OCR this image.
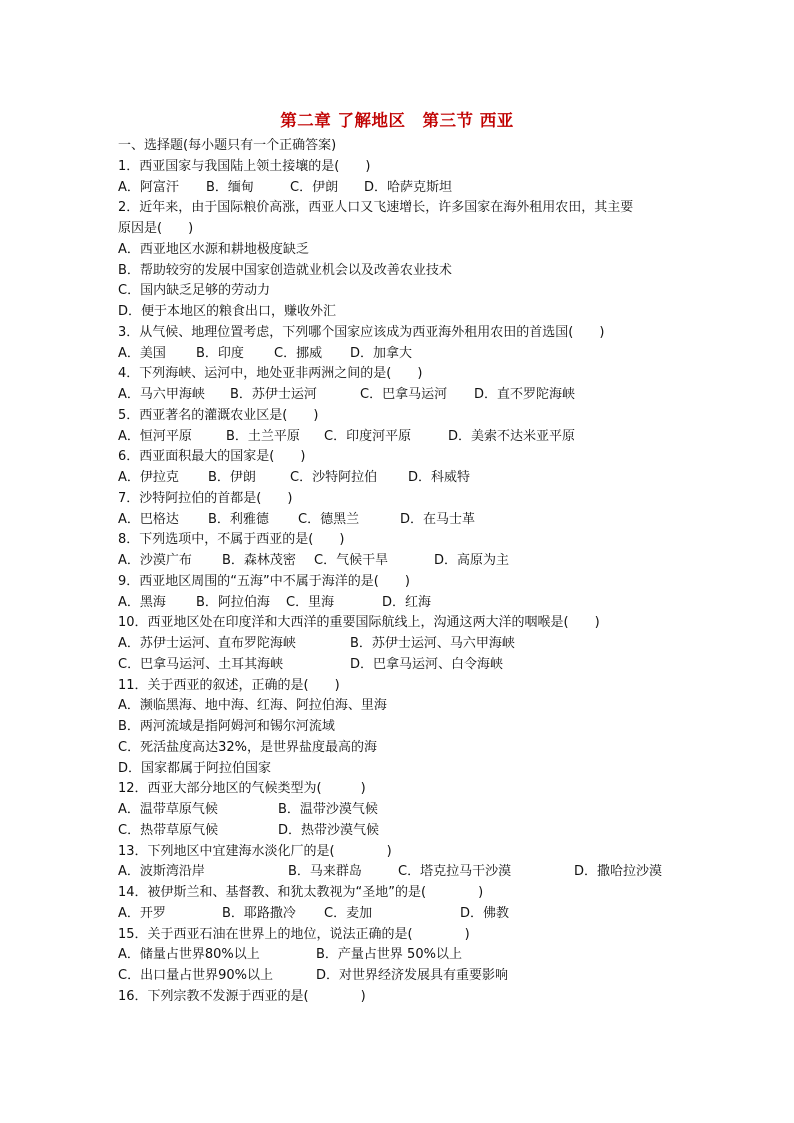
第二章 了解地区　第三节 西亚
一、选择题(每小题只有一个正确答案)
1．西亚国家与我国陆上领土接壤的是(　　)
A．阿富汗 B．缅甸	C．伊朗 D．哈萨克斯坦
2．近年来，由于国际粮价高涨，西亚人口又飞速增长，许多国家在海外租用农田，其主要
原因是(　　)
A．西亚地区水源和耕地极度缺乏
B．帮助较穷的发展中国家创造就业机会以及改善农业技术
C．国内缺乏足够的劳动力
D．便于本地区的粮食出口，赚收外汇
3．从气候、地理位置考虑，下列哪个国家应该成为西亚海外租用农田的首选国(　　)
A．美国 B．印度 C．挪威 D．加拿大
4．下列海峡、运河中，地处亚非两洲之间的是(　　)
A．马六甲海峡 B．苏伊士运河	C．巴拿马运河 D．直不罗陀海峡
5．西亚著名的灌溉农业区是(　　)
A．恒河平原	B．土兰平原 C．印度河平原	D．美索不达米亚平原
6．西亚面积最大的国家是(　　)
A．伊拉克 B．伊朗	C．沙特阿拉伯 D．科威特
7．沙特阿拉伯的首都是(　　)
A．巴格达 B．利雅德 C．德黑兰	D．在马士革
8．下列选项中，不属于西亚的是(　　)
A．沙漠广布 B．森林茂密 C．气候干旱	D．高原为主
9．西亚地区周围的“五海”中不属于海洋的是(　　)
A．黑海 B．阿拉伯海 C．里海	D．红海
10．西亚地区处在印度洋和大西洋的重要国际航线上，沟通这两大洋的咽喉是(　　)
A．苏伊士运河、直布罗陀海峡	B．苏伊士运河、马六甲海峡
C．巴拿马运河、土耳其海峡	D．巴拿马运河、白令海峡
11．关于西亚的叙述，正确的是(　　)
A．濒临黑海、地中海、红海、阿拉伯海、里海
B．两河流域是指阿姆河和锡尔河流域
C．死活盐度高达32%，是世界盐度最高的海
D．国家都属于阿拉伯国家
12．西亚大部分地区的气候类型为(　　　)
A．温带草原气候	B．温带沙漠气候
C．热带草原气候	D．热带沙漠气候
13．下列地区中宜建海水淡化厂的是(　　　　)
A．波斯湾沿岸	B．马来群岛	C．塔克拉马干沙漠	D．撒哈拉沙漠
14．被伊斯兰和、基督教、和犹太教视为“圣地”的是(　　　　)
A．开罗	B．耶路撒冷 C．麦加	D．佛教
15．关于西亚石油在世界上的地位，说法正确的是(　　　　)
A．储量占世界80%以上	B．产量占世界 50%以上
C．出口量占世界90%以上	D．对世界经济发展具有重要影响
16．下列宗教不发源于西亚的是(　　　　)
